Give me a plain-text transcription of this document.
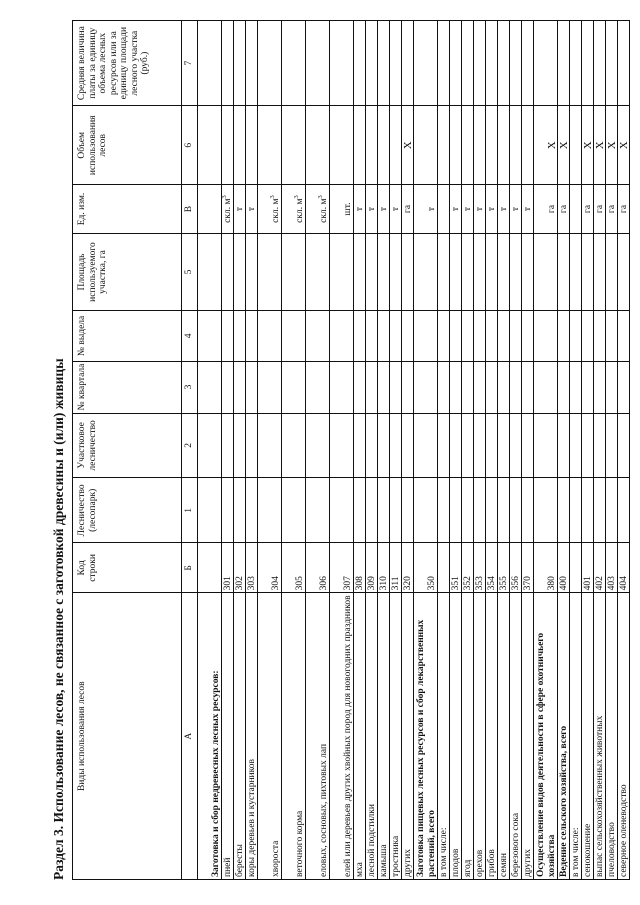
Раздел 3. Использование лесов, не связанное с заготовкой древесины и (или) живицы	Виды использования лесов	Код строки	Лесничество (лесопарк)	Участковое лесничество	№ квартала	№ выдела	Площадь используемого участка, га	Ед. изм.	Объем использования лесов	Средняя величина платы за единицу объема лесных ресурсов или за единицу площади лесного участка (руб.)
А	Б	1	2	3	4	5	В	6	7
Заготовка и сбор недревесных лесных ресурсов:									
пней	301						скл. $м^3$		
бересты	302						т		
коры деревьев и кустарников	303						т		
хвороста	304						скл. $м^3$		
веточного корма	305						скл. $м^3$		
еловых, сосновых, пихтовых лап	306						скл. $м^3$		
елей или деревьев других хвойных пород для новогодних праздников	307						шт.		
мха	308						т		
лесной подстилки	309						т		
камыша	310						т		
тростника	311						т		
других	320						га	X	
Заготовка пищевых лесных ресурсов и сбор лекарственных растений, всего	350						т		
в том числе:									
плодов	351						т		
ягод	352						т		
орехов	353						т		
грибов	354						т		
семян	355						т		
березового сока	356						т		
других	370						т		
Осуществление видов деятельности в сфере охотничьего хозяйства	380						га	X	
Ведение сельского хозяйства, всего	400						га	X	
в том числе:									
сенокошение	401						га	X	
выпас сельскохозяйственных животных	402						га	X	
пчеловодство	403						га	X	
северное оленеводство	404						га	X	
